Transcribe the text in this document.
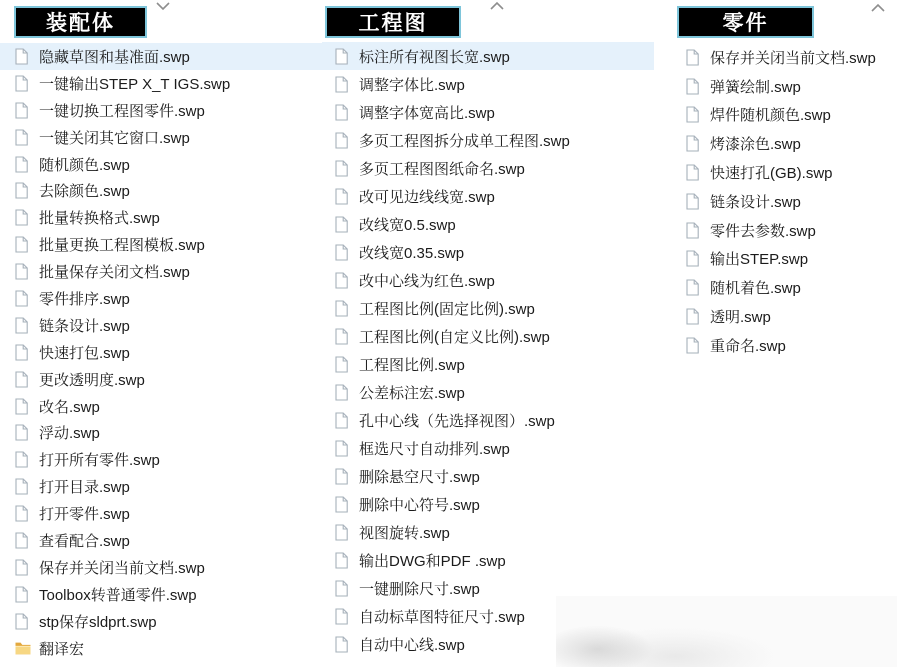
装配体	工程图	零件
隐藏草图和基准面.swp
一键输出STEP X_T IGS.swp
一键切换工程图零件.swp
一键关闭其它窗口.swp
随机颜色.swp
去除颜色.swp
批量转换格式.swp
批量更换工程图模板.swp
批量保存关闭文档.swp
零件排序.swp
链条设计.swp
快速打包.swp
更改透明度.swp
改名.swp
浮动.swp
打开所有零件.swp
打开目录.swp
打开零件.swp
查看配合.swp
保存并关闭当前文档.swp
Toolbox转普通零件.swp
stp保存sldprt.swp
翻译宏
标注所有视图长宽.swp
调整字体比.swp
调整字体宽高比.swp
多页工程图拆分成单工程图.swp
多页工程图图纸命名.swp
改可见边线线宽.swp
改线宽0.5.swp
改线宽0.35.swp
改中心线为红色.swp
工程图比例(固定比例).swp
工程图比例(自定义比例).swp
工程图比例.swp
公差标注宏.swp
孔中心线（先选择视图）.swp
框选尺寸自动排列.swp
删除悬空尺寸.swp
删除中心符号.swp
视图旋转.swp
输出DWG和PDF .swp
一键删除尺寸.swp
自动标草图特征尺寸.swp
自动中心线.swp
保存并关闭当前文档.swp
弹簧绘制.swp
焊件随机颜色.swp
烤漆涂色.swp
快速打孔(GB).swp
链条设计.swp
零件去参数.swp
输出STEP.swp
随机着色.swp
透明.swp
重命名.swp
